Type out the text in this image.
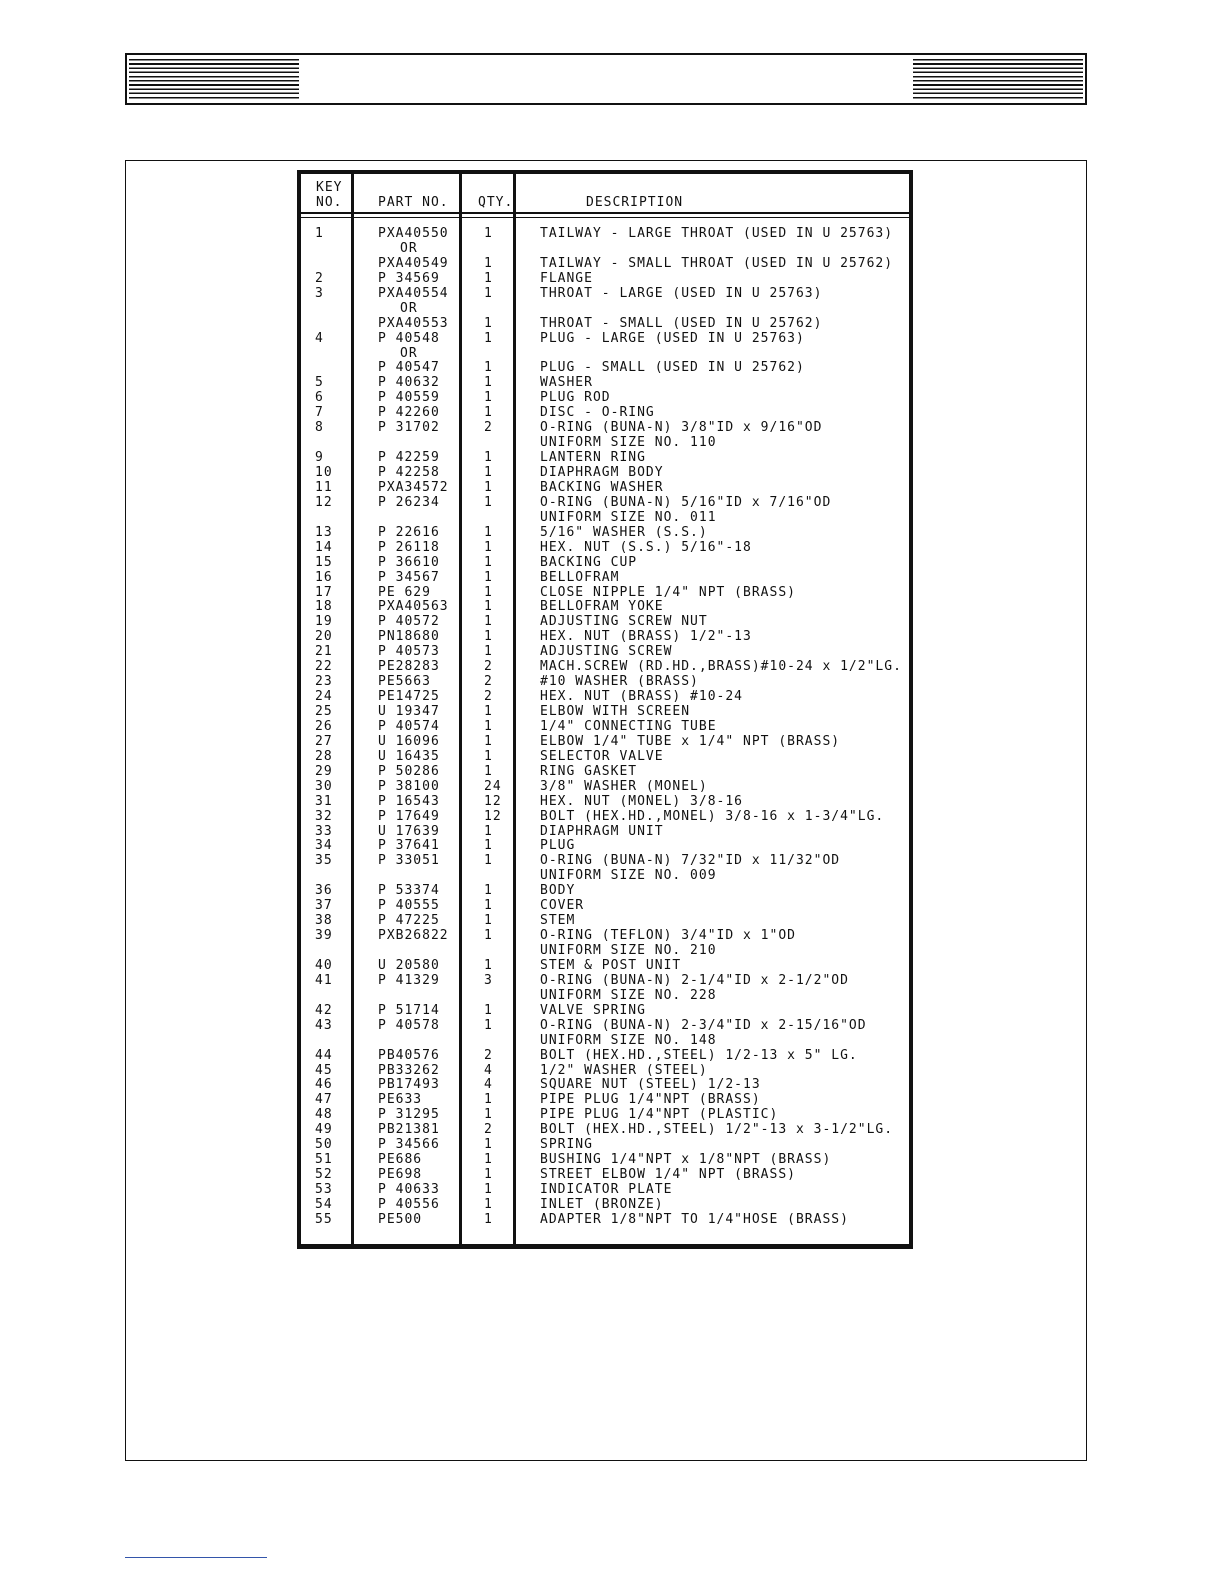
KEY
NO.	PART NO. QTY.	DESCRIPTION
1	PXA40550	1	TAILWAY - LARGE THROAT (USED IN U 25763)
OR
PXA40549	1	TAILWAY - SMALL THROAT (USED IN U 25762)
2	P 34569	1	FLANGE
3	PXA40554	1	THROAT - LARGE (USED IN U 25763)
OR
PXA40553	1	THROAT - SMALL (USED IN U 25762)
4	P 40548	1	PLUG - LARGE (USED IN U 25763)
OR
P 40547	1	PLUG - SMALL (USED IN U 25762)
5	P 40632	1	WASHER
6	P 40559	1	PLUG ROD
7	P 42260	1	DISC - O-RING
8	P 31702	2	O-RING (BUNA-N) 3/8"ID x 9/16"OD
UNIFORM SIZE NO. 110
9	P 42259	1	LANTERN RING
10	P 42258	1	DIAPHRAGM BODY
11	PXA34572	1	BACKING WASHER
12	P 26234	1	O-RING (BUNA-N) 5/16"ID x 7/16"OD
UNIFORM SIZE NO. 011
13	P 22616	1	5/16" WASHER (S.S.)
14	P 26118	1	HEX. NUT (S.S.) 5/16"-18
15	P 36610	1	BACKING CUP
16	P 34567	1	BELLOFRAM
17	PE 629	1	CLOSE NIPPLE 1/4" NPT (BRASS)
18	PXA40563	1	BELLOFRAM YOKE
19	P 40572	1	ADJUSTING SCREW NUT
20	PN18680	1	HEX. NUT (BRASS) 1/2"-13
21	P 40573	1	ADJUSTING SCREW
22	PE28283	2	MACH.SCREW (RD.HD.,BRASS)#10-24 x 1/2"LG.
23	PE5663	2	#10 WASHER (BRASS)
24	PE14725	2	HEX. NUT (BRASS) #10-24
25	U 19347	1	ELBOW WITH SCREEN
26	P 40574	1	1/4" CONNECTING TUBE
27	U 16096	1	ELBOW 1/4" TUBE x 1/4" NPT (BRASS)
28	U 16435	1	SELECTOR VALVE
29	P 50286	1	RING GASKET
30	P 38100	24	3/8" WASHER (MONEL)
31	P 16543	12	HEX. NUT (MONEL) 3/8-16
32	P 17649	12	BOLT (HEX.HD.,MONEL) 3/8-16 x 1-3/4"LG.
33	U 17639	1	DIAPHRAGM UNIT
34	P 37641	1	PLUG
35	P 33051	1	O-RING (BUNA-N) 7/32"ID x 11/32"OD
UNIFORM SIZE NO. 009
36	P 53374	1	BODY
37	P 40555	1	COVER
38	P 47225	1	STEM
39	PXB26822	1	O-RING (TEFLON) 3/4"ID x 1"OD
UNIFORM SIZE NO. 210
40	U 20580	1	STEM & POST UNIT
41	P 41329	3	O-RING (BUNA-N) 2-1/4"ID x 2-1/2"OD
UNIFORM SIZE NO. 228
42	P 51714	1	VALVE SPRING
43	P 40578	1	O-RING (BUNA-N) 2-3/4"ID x 2-15/16"OD
UNIFORM SIZE NO. 148
44	PB40576	2	BOLT (HEX.HD.,STEEL) 1/2-13 x 5" LG.
45	PB33262	4	1/2" WASHER (STEEL)
46	PB17493	4	SQUARE NUT (STEEL) 1/2-13
47	PE633	1	PIPE PLUG 1/4"NPT (BRASS)
48	P 31295	1	PIPE PLUG 1/4"NPT (PLASTIC)
49	PB21381	2	BOLT (HEX.HD.,STEEL) 1/2"-13 x 3-1/2"LG.
50	P 34566	1	SPRING
51	PE686	1	BUSHING 1/4"NPT x 1/8"NPT (BRASS)
52	PE698	1	STREET ELBOW 1/4" NPT (BRASS)
53	P 40633	1	INDICATOR PLATE
54	P 40556	1	INLET (BRONZE)
55	PE500	1	ADAPTER 1/8"NPT TO 1/4"HOSE (BRASS)
